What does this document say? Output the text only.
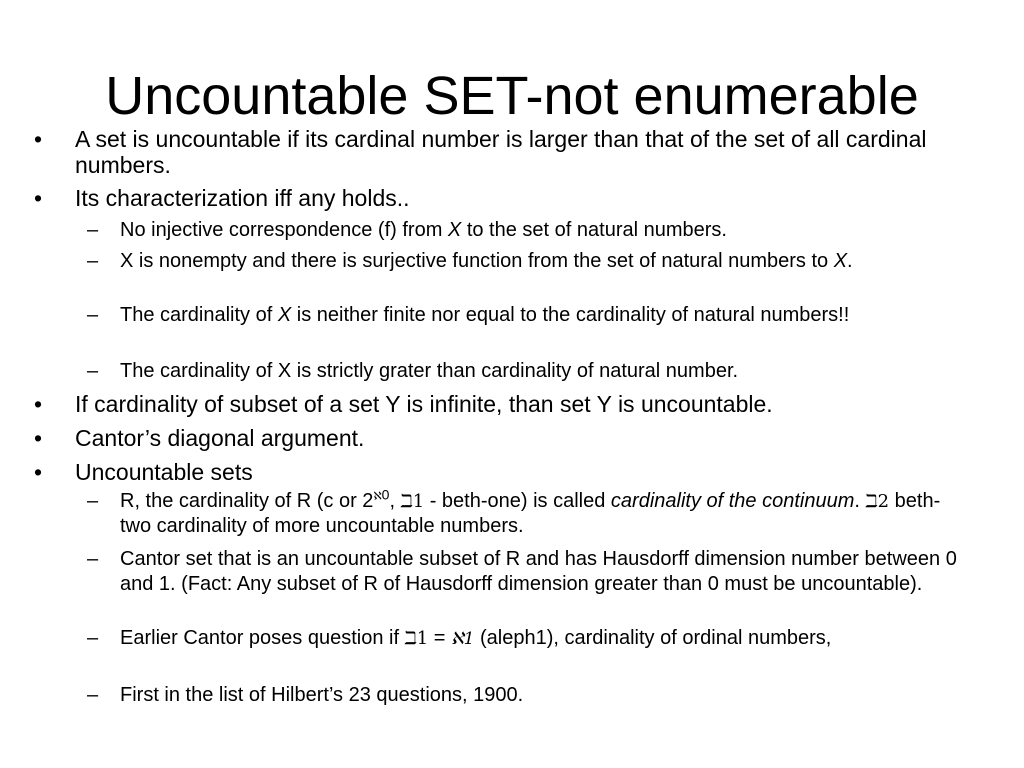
Uncountable SET-not enumerable
• A set is uncountable if its cardinal number is larger than that of the set of all cardinal numbers.
• Its characterization iff any holds..
– No injective correspondence (f) from X to the set of natural numbers.
– X is nonempty and there is surjective function from the set of natural numbers to X.
– The cardinality of X is neither finite nor equal to the cardinality of natural numbers!!
– The cardinality of X is strictly grater than cardinality of natural number.
• If cardinality of subset of a set Y is infinite, than set Y is uncountable.
• Cantor’s diagonal argument.
• Uncountable sets
– R, the cardinality of R (c or $2^{ℵ0}$, ℶ1 - beth-one) is called cardinality of the continuum. ℶ2 beth-two cardinality of more uncountable numbers.
– Cantor set that is an uncountable subset of R and has Hausdorff dimension number between 0 and 1. (Fact: Any subset of R of Hausdorff dimension greater than 0 must be uncountable).
– Earlier Cantor poses question if ℶ1 = ℵ1 (aleph1), cardinality of ordinal numbers,
– First in the list of Hilbert’s 23 questions, 1900.
